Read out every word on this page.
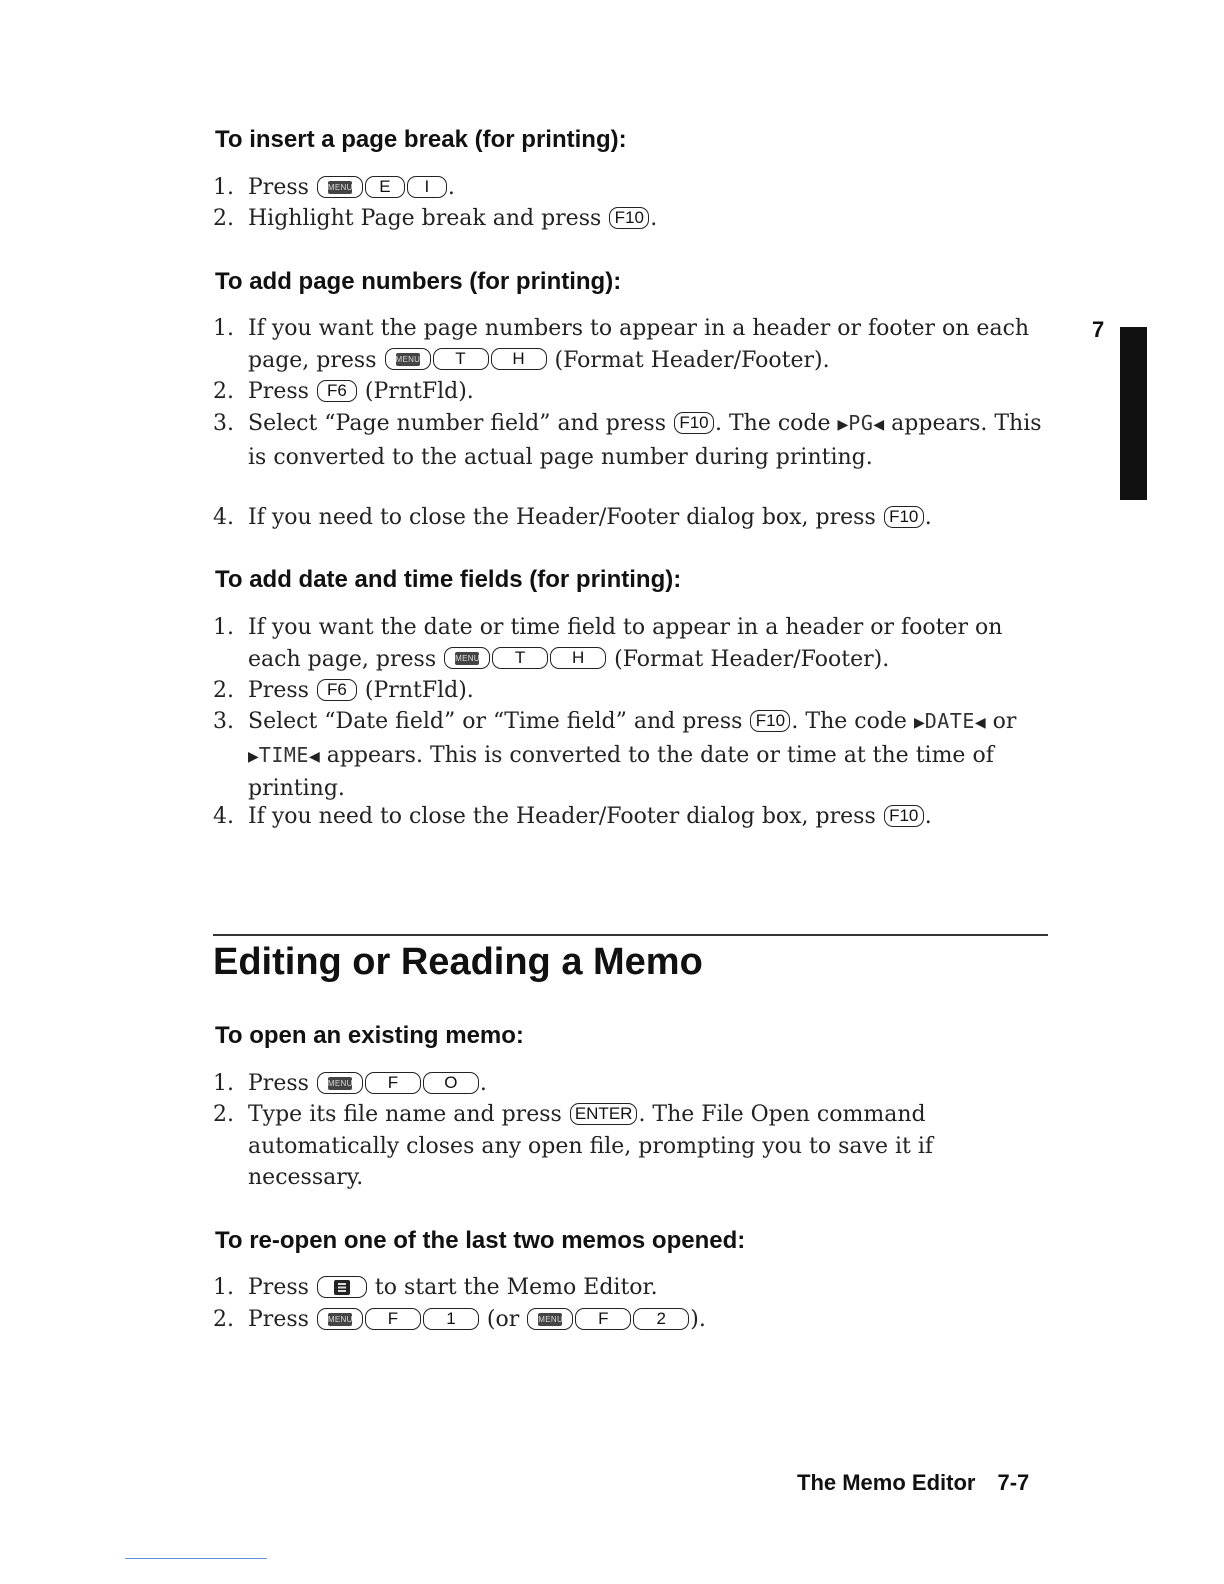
To insert a page break (for printing):
1. Press MENU E I .
2. Highlight Page break and press F10 .
To add page numbers (for printing):
1. If you want the page numbers to appear in a header or footer on each page, press MENU T	H (Format Header/Footer).
2. Press F6 (PrntFld).
3. Select “Page number field” and press F10 . The code ▶PG◀ appears. This is converted to the actual page number during printing.
4. If you need to close the Header/Footer dialog box, press F10 .
To add date and time fields (for printing):
1. If you want the date or time field to appear in a header or footer on each page, press MENU T	H (Format Header/Footer).
2. Press F6 (PrntFld).
3. Select “Date field” or “Time field” and press F10 . The code ▶DATE◀ or ▶TIME◀ appears. This is converted to the date or time at the time of printing.
4. If you need to close the Header/Footer dialog box, press F10 .
Editing or Reading a Memo
To open an existing memo:
1. Press MENU F	O .
2. Type its file name and press ENTER . The File Open command automatically closes any open file, prompting you to save it if necessary.
To re-open one of the last two memos opened:
1. Press	to start the Memo Editor.
2. Press MENU F	1 (or MENU F	2 ).
7
The Memo Editor 7-7
